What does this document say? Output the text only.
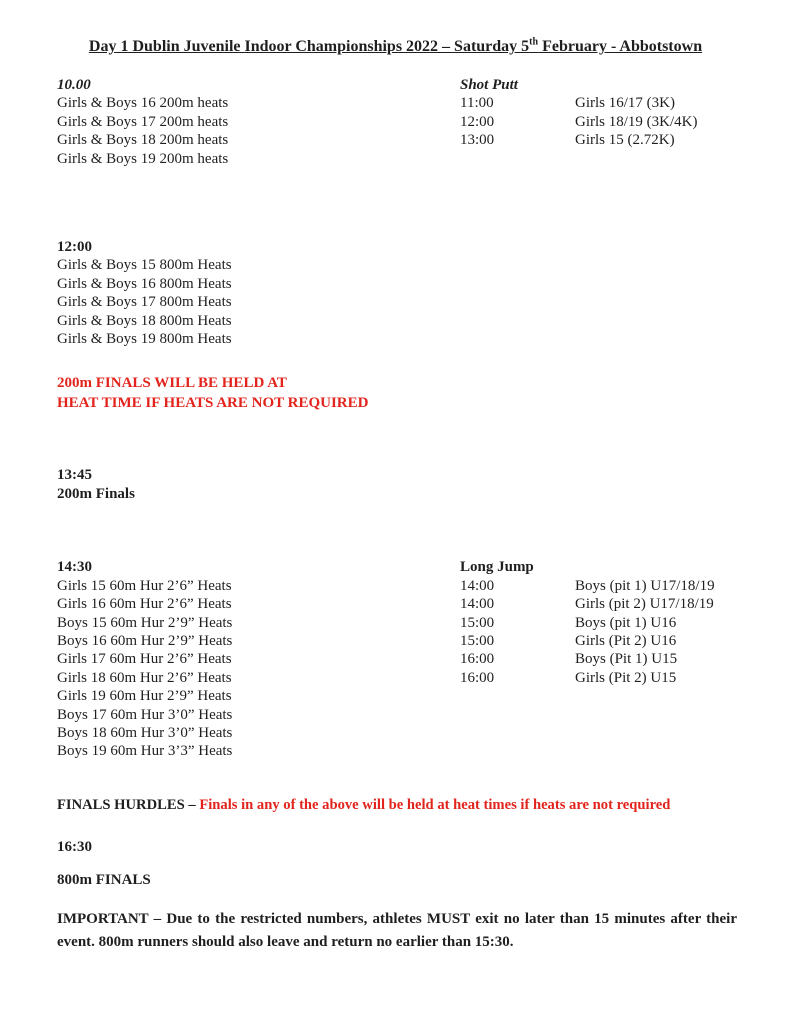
Day 1 Dublin Juvenile Indoor Championships 2022 – Saturday 5th February - Abbotstown
10.00
Girls & Boys 16 200m heats
Girls & Boys 17 200m heats
Girls & Boys 18 200m heats
Girls & Boys 19 200m heats
Shot Putt
11:00	Girls 16/17 (3K)
12:00	Girls 18/19 (3K/4K)
13:00	Girls 15 (2.72K)
12:00
Girls & Boys 15 800m Heats
Girls & Boys 16 800m Heats
Girls & Boys 17 800m Heats
Girls & Boys 18 800m Heats
Girls & Boys 19 800m Heats
200m FINALS WILL BE HELD AT
HEAT TIME IF HEATS ARE NOT REQUIRED
13:45
200m Finals
14:30
Girls 15 60m Hur 2’6” Heats
Girls 16 60m Hur 2’6” Heats
Boys 15 60m Hur 2’9” Heats
Boys 16 60m Hur 2’9” Heats
Girls 17 60m Hur 2’6” Heats
Girls 18 60m Hur 2’6” Heats
Girls 19 60m Hur 2’9” Heats
Boys 17 60m Hur 3’0” Heats
Boys 18 60m Hur 3’0” Heats
Boys 19 60m Hur 3’3” Heats
Long Jump
14:00	Boys (pit 1) U17/18/19
14:00	Girls (pit 2) U17/18/19
15:00	Boys (pit 1) U16
15:00	Girls (Pit 2) U16
16:00	Boys (Pit 1) U15
16:00	Girls (Pit 2) U15
FINALS HURDLES – Finals in any of the above will be held at heat times if heats are not required
16:30
800m FINALS
IMPORTANT – Due to the restricted numbers, athletes MUST exit no later than 15 minutes after their event. 800m runners should also leave and return no earlier than 15:30.
